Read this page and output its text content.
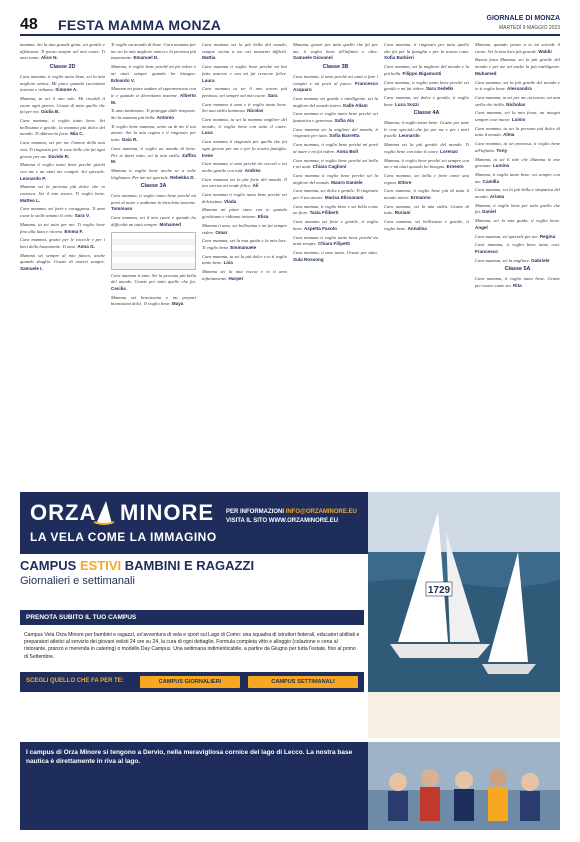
48 FESTA MAMMA MONZA	GIORNALE DI MONZA
MARTEDÌ 9 MAGGIO 2023

mamma. Sei la mia grande gioia, sei gentile e affettuosa. Ti penso sempre nel mio cuore. Ti amo tanto. Alice N.

Classe 2D

Cara mamma, ti voglio tanto bene, sei la mia migliore amica. Mi piace quando cuciniamo insieme e ridiamo. Simone A.

Mamma, tu sei il mio sole. Mi riscaldi il cuore ogni giorno. Grazie di tutto quello che fai per me. Giulia B.

Cara mamma, ti voglio tanto bene. Sei bellissima e gentile, la mamma più dolce del mondo. Ti abbraccio forte. Mia C.

Cara mamma, sei per me l'amore della mia vita. Ti ringrazio per le cose belle che fai ogni giorno per me. Davide R.

Mamma ti voglio tanto bene perché giochi con me e mi aiuti nei compiti. Sei speciale. Leonardo P.

Mamma sei la persona più dolce che io conosca. Sei il mio tesoro. Ti voglio bene. Matteo L.

Cara mamma, sei forte e coraggiosa. Ti amo come le stelle amano il cielo. Sara V.

Mamma, tu sei tutto per me. Ti voglio bene fino alla luna e ritorno. Emma F.

Cara mamma, grazie per le coccole e per i baci della buonanotte. Ti amo. Anna G.

Mamma sei sempre al mio fianco, anche quando sbaglio. Grazie di esserci sempre. Samuele I.

Ti voglio un mondo di bene. Cara mamma per me sei la mia migliore amica e la persona più importante. Emanuel D.

Mamma, ti voglio bene perché mi fai ridere e mi aiuti sempre quando ho bisogno. Edoardo V.

Mamma mi piace andare al supermercato con te e quando ci divertiamo insieme. Alberto M.

Ti amo tantissimo. Ti proteggo dalle tempeste. Sei la mamma più bella. Antonio

Ti voglio bene mamma, sento su di me il tuo amore. Sei la mia regina e ti ringrazio per tutto. Gaia R.

Cara mamma, ti voglio un mondo di bene. Per te darei tutto, sei la mia stella. Zaffira M.

Mamma ti voglio bene anche se a volte litighiamo. Per me sei speciale. Rebekka D.

Classe 3A

Cara mamma, ti voglio tanto bene perché mi porti al mare e andiamo in bicicletta insieme. Tommaso

Cara mamma, sei il mio cuore e quando ho difficoltà mi aiuti sempre. Mohamed

Cara mamma ti amo. Sei la persona più bella del mondo. Grazie per tutto quello che fai. Cecilia

Mamma sei bravissima e mi prepari buonissimi dolci. Ti voglio bene. Maya

Cara mamma sei la più bella del mondo, sempre vicina a me nei momenti difficili. Mattia

Cara mamma ti voglio bene perché mi hai fatto nascere e ora mi fai crescere felice. Laura

Cara mamma tu sei il mio tesoro più prezioso, sei sempre nel mio cuore. Sara

Cara mamma ti amo e ti voglio tanto bene. Sei una stella luminosa. Nicolas

Cara mamma, tu sei la mamma migliore del mondo, ti voglio bene con tutto il cuore. Luca

Cara mamma ti ringrazio per quello che fai ogni giorno per me e per la nostra famiglia. Irene

Cara mamma, ti amo perché mi coccoli e sei molto gentile con tutti. Andrea

Cara mamma sei la più forte del mondo. Il tuo sorriso mi rende felice. Ali

Cara mamma ti voglio tanto bene perché sei dolcissima. Vlada

Mamma mi piace stare con te quando giochiamo e ridiamo insieme. Elisa

Mamma ti amo, sei bellissima e mi fai sempre ridere. Omar

Cara mamma, sei la mia guida e la mia luce. Ti voglio bene. Emmanuele

Cara mamma, tu sei la più dolce e io ti voglio tanto bene. Lisa

Mamma sei la mia roccia e io ti amo infinitamente. Harper

Mamma, grazie per tutto quello che fai per me, ti voglio bene all'infinito e oltre. Samuele Giovanni

Classe 3B

Cara mamma, ti amo perché mi aiuti a fare i compiti e mi porti al parco. Francesco Acquaro

Cara mamma sei gentile e intelligente, sei la migliore del mondo intero. Kalle Allam

Cara mamma ti voglio tanto bene perché sei fantastica e generosa. Sofia Ala

Cara mamma sei la migliore del mondo, ti ringrazio per tutto. Sofia Barretta

Cara mamma, ti voglio bene perché mi porti al mare e mi fai ridere. Anna Boll

Cara mamma, ti voglio bene perché sei bella e mi aiuti. Chiara Caglioni

Cara mamma ti voglio bene perché sei la migliore del mondo. Mauro Daniele

Cara mamma, sei dolce e gentile. Ti ringrazio per il tuo amore. Marisa Elissanani

Cara mamma, ti voglio bene e sei bella come un fiore. Tazia Filiberti

Cara mamma sei forte e gentile, ti voglio bene. Aspetta Fasolo

Cara mamma ti voglio tanto bene perché mi aiuti sempre. Chiara Filipetti

Cara mamma, ti amo tanto. Grazie per tutto. Sula Rossong

Cara mamma, ti ringrazio per tutto quello che fai per la famiglia e per la nostra casa. Sofia Barbieri

Cara mamma, sei la migliore del mondo e la più bella. Filippo Bigamonti

Cara mamma, ti voglio tanto bene perché sei gentile e mi fai ridere. Sara Sedelki

Cara mamma, sei dolce e gentile, ti voglio bene. Luca Sozzi

Classe 4A

Mamma, ti voglio tanto bene. Grazie per tutte le cose speciali che fai per me e per i miei fratelli. Leonardo

Mamma sei la più gentile del mondo. Ti voglio bene con tutto il cuore. Lorenzo

Mamma, ti voglio bene perché sei sempre con me e mi aiuti quando ho bisogno. Ernesto

Cara mamma, sei bella e forte come una regina. Ettore

Cara mamma, ti voglio bene più di tutto il mondo intero. Ermanno

Cara mamma, sei la mia stella. Grazie di tutto. Ruriani

Cara mamma, sei bellissima e gentile, ti voglio bene. Annalisa

Mamma, quando penso a te mi sorride il cuore. Sei la mia luce più grande. Waldir

Buona festa Mamma, sei la più gentile del mondo e per me sei anche la più intelligente. Muhamed

Cara mamma, sei la più gentile del mondo e io ti voglio bene. Alessandra

Cara mamma, tu sei per me un tesoro, sei una stella che brilla. Nicholas

Cara mamma, sei la mia forza, mi insegni sempre cose nuove. Luisio

Cara mamma, tu sei la persona più dolce di tutto il mondo. Alma

Cara mamma, tu sei preziosa, ti voglio bene all'infinito. Tony

Mamma, tu sei il sole che illumina le mie giornate. Lumina

Mamma, ti voglio tanto bene, sei sempre con me. Camilla

Cara mamma, sei la più bella e simpatica del mondo. Ariana

Mamma, ti voglio bene per tutto quello che fai. Daniel

Mamma, sei la mia guida, ti voglio bene. Angel

Cara mamma, sei speciale per me. Regina

Cara mamma, ti voglio bene tanto così. Francesco

Cara mamma, sei la migliore. Gabriele

Classe 5A

Cara mamma, ti voglio tanto bene. Grazie per essere come sei. Rita

ORZA MINORE
LA VELA COME LA IMMAGINO
PER INFORMAZIONI INFO@ORZAMINORE.EU
VISITA IL SITO WWW.ORZAMINORE.EU
1729
CAMPUS ESTIVI BAMBINI E RAGAZZI
Giornalieri e settimanali
PRENOTA SUBITO IL TUO CAMPUS
Campus Vela Orza Minore per bambini e ragazzi, un'avventura di vela e sport sul Lago di Como: una squadra di istruttori federali, educatori abilitati e preparatori atletici al servizio dei giovani velisti 24 ore su 24, la cura di ogni dettaglio. Formula completa vitto e alloggio (colazione e cena al ristorante, pranzo e merenda in catering) o modello Day Campus. Una settimana indimenticabile, a partire da Giugno per tutta l'estate, fino al primo di Settembre.
SCEGLI QUELLO CHE FA PER TE:	CAMPUS GIORNALIERI	CAMPUS SETTIMANALI
I campus di Orza Minore si tengono a Dervio, nella meravigliosa cornice del lago di Lecco. La nostra base nautica è direttamente in riva al lago.
